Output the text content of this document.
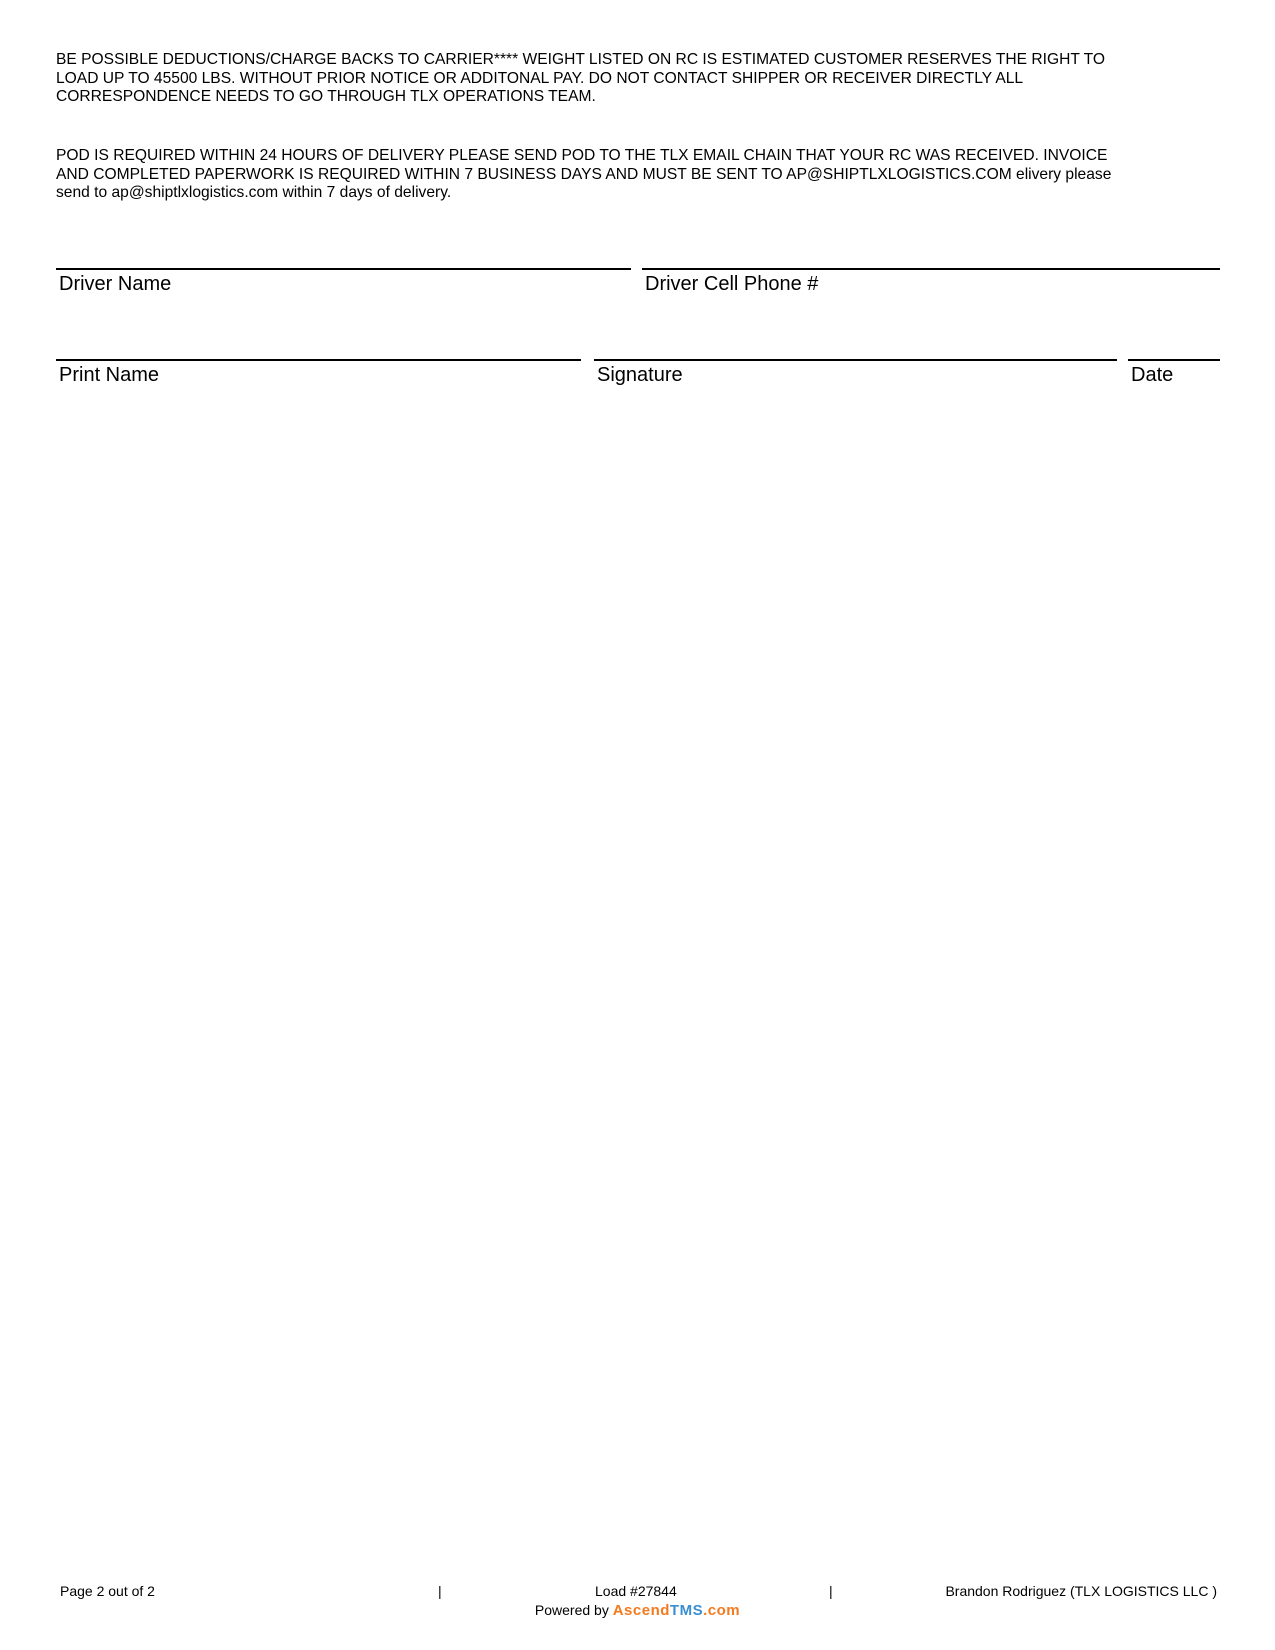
BE POSSIBLE DEDUCTIONS/CHARGE BACKS TO CARRIER**** WEIGHT LISTED ON RC IS ESTIMATED CUSTOMER RESERVES THE RIGHT TO
LOAD UP TO 45500 LBS. WITHOUT PRIOR NOTICE OR ADDITONAL PAY. DO NOT CONTACT SHIPPER OR RECEIVER DIRECTLY ALL
CORRESPONDENCE NEEDS TO GO THROUGH TLX OPERATIONS TEAM.

POD IS REQUIRED WITHIN 24 HOURS OF DELIVERY PLEASE SEND POD TO THE TLX EMAIL CHAIN THAT YOUR RC WAS RECEIVED. INVOICE
AND COMPLETED PAPERWORK IS REQUIRED WITHIN 7 BUSINESS DAYS AND MUST BE SENT TO AP@SHIPTLXLOGISTICS.COM elivery please
send to ap@shiptlxlogistics.com within 7 days of delivery.

Driver Name	Driver Cell Phone #
Print Name	Signature	Date
Page 2 out of 2	|	Load #27844	|	Brandon Rodriguez (TLX LOGISTICS LLC )
Powered by AscendTMS.com
